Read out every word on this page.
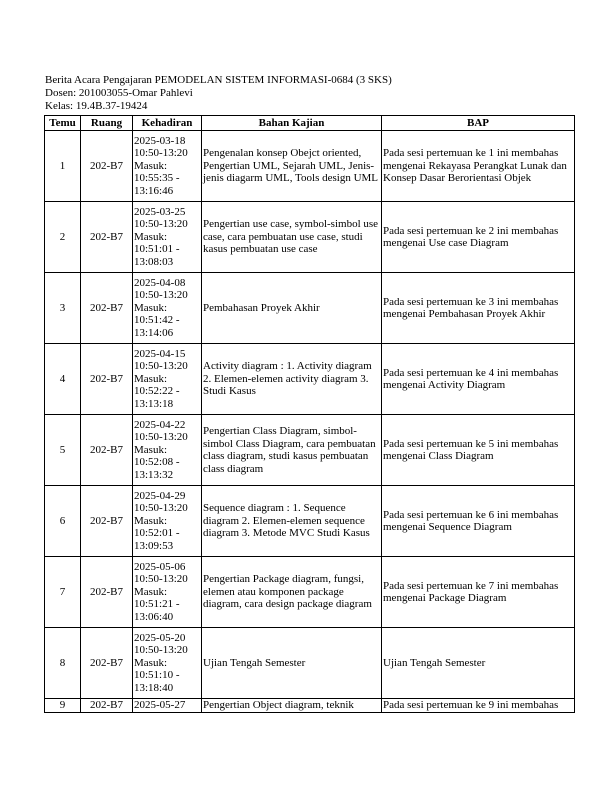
Berita Acara Pengajaran PEMODELAN SISTEM INFORMASI-0684 (3 SKS)
Dosen: 201003055-Omar Pahlevi
Kelas: 19.4B.37-19424
Temu	Ruang	Kehadiran	Bahan Kajian	BAP
1	202-B7	2025-03-18
10:50-13:20
Masuk:
10:55:35 -
13:16:46	Pengenalan konsep Obejct oriented, Pengertian UML, Sejarah UML, Jenis-jenis diagarm UML, Tools design UML	Pada sesi pertemuan ke 1 ini membahas mengenai Rekayasa Perangkat Lunak dan Konsep Dasar Berorientasi Objek
2	202-B7	2025-03-25
10:50-13:20
Masuk:
10:51:01 -
13:08:03	Pengertian use case, symbol-simbol use case, cara pembuatan use case, studi kasus pembuatan use case	Pada sesi pertemuan ke 2 ini membahas mengenai Use case Diagram
3	202-B7	2025-04-08
10:50-13:20
Masuk:
10:51:42 -
13:14:06	Pembahasan Proyek Akhir	Pada sesi pertemuan ke 3 ini membahas mengenai Pembahasan Proyek Akhir
4	202-B7	2025-04-15
10:50-13:20
Masuk:
10:52:22 -
13:13:18	Activity diagram : 1. Activity diagram 2. Elemen-elemen activity diagram 3. Studi Kasus	Pada sesi pertemuan ke 4 ini membahas mengenai Activity Diagram
5	202-B7	2025-04-22
10:50-13:20
Masuk:
10:52:08 -
13:13:32	Pengertian Class Diagram, simbol-simbol Class Diagram, cara pembuatan class diagram, studi kasus pembuatan class diagram	Pada sesi pertemuan ke 5 ini membahas mengenai Class Diagram
6	202-B7	2025-04-29
10:50-13:20
Masuk:
10:52:01 -
13:09:53	Sequence diagram : 1. Sequence diagram 2. Elemen-elemen sequence diagram 3. Metode MVC Studi Kasus	Pada sesi pertemuan ke 6 ini membahas mengenai Sequence Diagram
7	202-B7	2025-05-06
10:50-13:20
Masuk:
10:51:21 -
13:06:40	Pengertian Package diagram, fungsi, elemen atau komponen package diagram, cara design package diagram	Pada sesi pertemuan ke 7 ini membahas mengenai Package Diagram
8	202-B7	2025-05-20
10:50-13:20
Masuk:
10:51:10 -
13:18:40	Ujian Tengah Semester	Ujian Tengah Semester
9	202-B7	2025-05-27	Pengertian Object diagram, teknik	Pada sesi pertemuan ke 9 ini membahas
